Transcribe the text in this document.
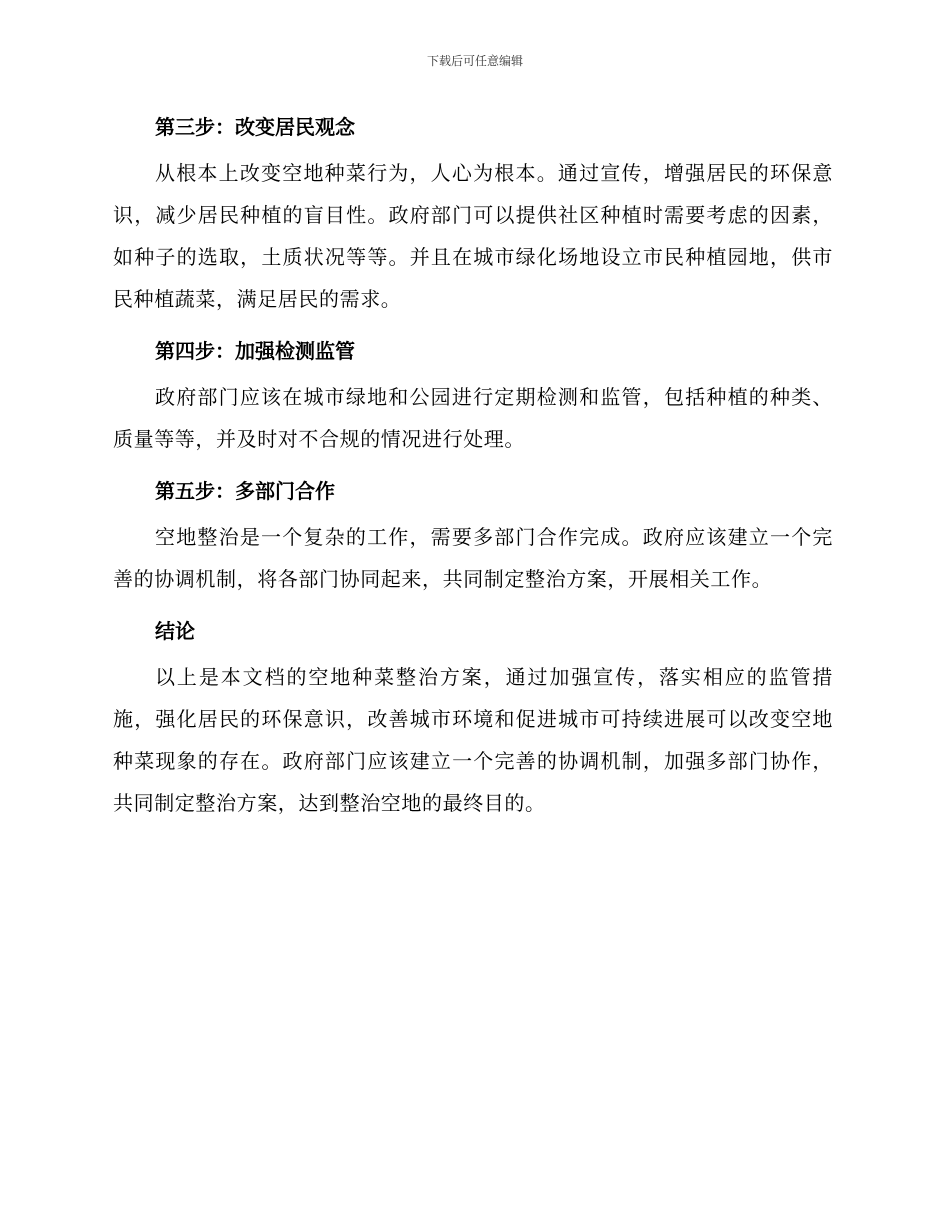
下载后可任意编辑
第三步：改变居民观念

从根本上改变空地种菜行为，人心为根本。通过宣传，增强居民的环保意识，减少居民种植的盲目性。政府部门可以提供社区种植时需要考虑的因素，如种子的选取，土质状况等等。并且在城市绿化场地设立市民种植园地，供市民种植蔬菜，满足居民的需求。

第四步：加强检测监管

政府部门应该在城市绿地和公园进行定期检测和监管，包括种植的种类、质量等等，并及时对不合规的情况进行处理。

第五步：多部门合作

空地整治是一个复杂的工作，需要多部门合作完成。政府应该建立一个完善的协调机制，将各部门协同起来，共同制定整治方案，开展相关工作。

结论

以上是本文档的空地种菜整治方案，通过加强宣传，落实相应的监管措施，强化居民的环保意识，改善城市环境和促进城市可持续进展可以改变空地种菜现象的存在。政府部门应该建立一个完善的协调机制，加强多部门协作，共同制定整治方案，达到整治空地的最终目的。
